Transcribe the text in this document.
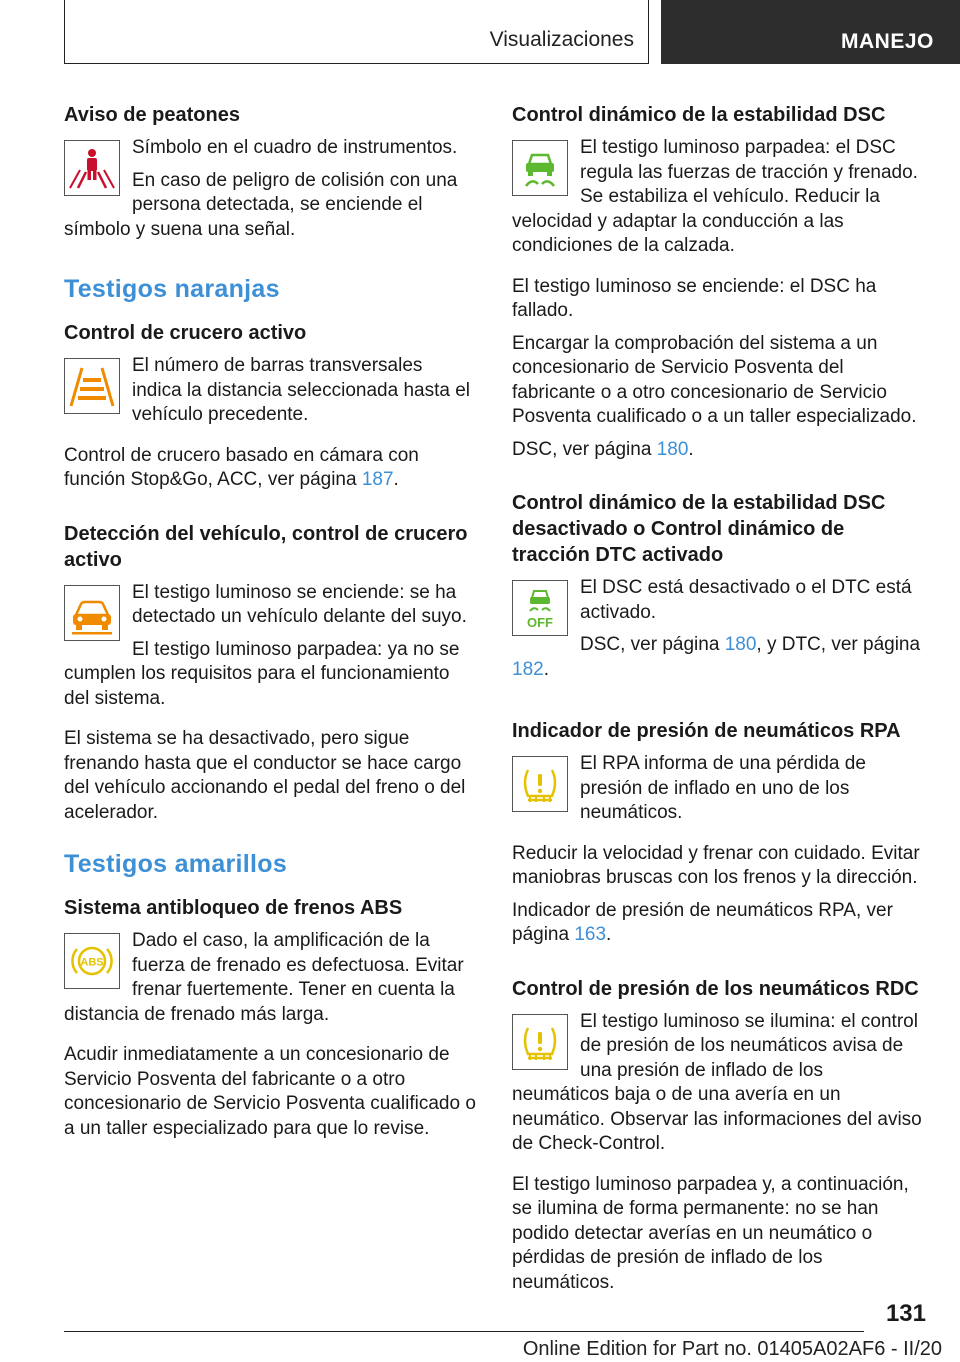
Visualizaciones	MANEJO
Aviso de peatones
Símbolo en el cuadro de instrumentos.
En caso de peligro de colisión con una persona detectada, se enciende el símbolo y suena una señal.
Testigos naranjas
Control de crucero activo
El número de barras transversales indica la distancia seleccionada hasta el vehículo precedente.
Control de crucero basado en cámara con función Stop&Go, ACC, ver página 187.
Detección del vehículo, control de crucero activo
El testigo luminoso se enciende: se ha detectado un vehículo delante del suyo.
El testigo luminoso parpadea: ya no se cumplen los requisitos para el funcionamiento del sistema.
El sistema se ha desactivado, pero sigue frenando hasta que el conductor se hace cargo del vehículo accionando el pedal del freno o del acelerador.
Testigos amarillos
Sistema antibloqueo de frenos ABS
ABS
Dado el caso, la amplificación de la fuerza de frenado es defectuosa. Evitar frenar fuertemente. Tener en cuenta la distancia de frenado más larga.
Acudir inmediatamente a un concesionario de Servicio Posventa del fabricante o a otro concesionario de Servicio Posventa cualificado o a un taller especializado para que lo revise.
Control dinámico de la estabilidad DSC
El testigo luminoso parpadea: el DSC regula las fuerzas de tracción y frenado. Se estabiliza el vehículo. Reducir la velocidad y adaptar la conducción a las condiciones de la calzada.
El testigo luminoso se enciende: el DSC ha fallado.
Encargar la comprobación del sistema a un concesionario de Servicio Posventa del fabricante o a otro concesionario de Servicio Posventa cualificado o a un taller especializado.
DSC, ver página 180.
Control dinámico de la estabilidad DSC desactivado o Control dinámico de tracción DTC activado
OFF
El DSC está desactivado o el DTC está activado.
DSC, ver página 180, y DTC, ver página 182.
Indicador de presión de neumáticos RPA
El RPA informa de una pérdida de presión de inflado en uno de los neumáticos.
Reducir la velocidad y frenar con cuidado. Evitar maniobras bruscas con los frenos y la dirección.
Indicador de presión de neumáticos RPA, ver página 163.
Control de presión de los neumáticos RDC
El testigo luminoso se ilumina: el control de presión de los neumáticos avisa de una presión de inflado de los neumáticos baja o de una avería en un neumático. Observar las informaciones del aviso de Check-Control.
El testigo luminoso parpadea y, a continuación, se ilumina de forma permanente: no se han podido detectar averías en un neumático o pérdidas de presión de inflado de los neumáticos.
131
Online Edition for Part no. 01405A02AF6 - II/20
